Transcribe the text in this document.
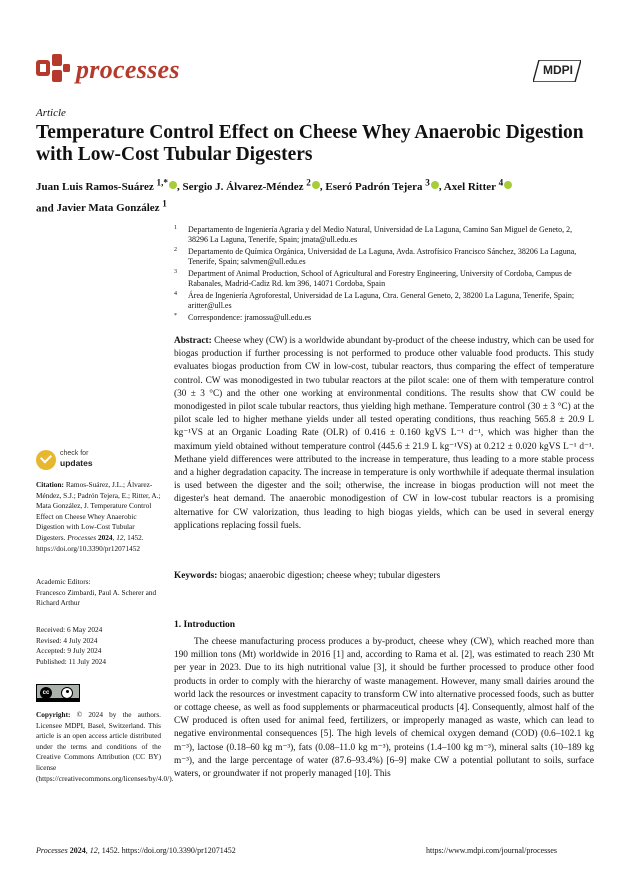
processes	MDPI
Article
Temperature Control Effect on Cheese Whey Anaerobic Digestion with Low-Cost Tubular Digesters
Juan Luis Ramos-Suárez $^{1,*}$ , Sergio J. Álvarez-Méndez $^2$ , Eseró Padrón Tejera $^3$ , Axel Ritter $^4$
and Javier Mata González $^1$
1 Departamento de Ingeniería Agraria y del Medio Natural, Universidad de La Laguna, Camino San Miguel de Geneto, 2, 38296 La Laguna, Tenerife, Spain; jmata@ull.edu.es
2 Departamento de Química Orgánica, Universidad de La Laguna, Avda. Astrofísico Francisco Sánchez, 38206 La Laguna, Tenerife, Spain; salvmen@ull.edu.es
3 Department of Animal Production, School of Agricultural and Forestry Engineering, University of Cordoba, Campus de Rabanales, Madrid-Cadiz Rd. km 396, 14071 Cordoba, Spain
4 Área de Ingeniería Agroforestal, Universidad de La Laguna, Ctra. General Geneto, 2, 38200 La Laguna, Tenerife, Spain; aritter@ull.es
* Correspondence: jramossu@ull.edu.es
Abstract: Cheese whey (CW) is a worldwide abundant by-product of the cheese industry, which can be used for biogas production if further processing is not performed to produce other valuable food products. This study evaluates biogas production from CW in low-cost, tubular reactors, thus comparing the effect of temperature control. CW was monodigested in two tubular reactors at the pilot scale: one of them with temperature control (30 ± 3 °C) and the other one working at environmental conditions. The results show that CW could be monodigested in pilot scale tubular reactors, thus yielding high methane. Temperature control (30 ± 3 °C) at the pilot scale led to higher methane yields under all tested operating conditions, thus reaching 565.8 ± 20.9 L kg⁻¹VS at an Organic Loading Rate (OLR) of 0.416 ± 0.160 kgVS L⁻¹ d⁻¹, which was higher than the maximum yield obtained without temperature control (445.6 ± 21.9 L kg⁻¹VS) at 0.212 ± 0.020 kgVS L⁻¹ d⁻¹. Methane yield differences were attributed to the increase in temperature, thus leading to a more stable process and a higher degradation capacity. The increase in temperature is only worthwhile if adequate thermal insulation is used between the digester and the soil; otherwise, the increase in biogas production will not meet the digester's heat demand. The anaerobic monodigestion of CW in low-cost tubular reactors is a promising alternative for CW valorization, thus leading to high biogas yields, which can be used in several energy applications replacing fossil fuels.
Keywords: biogas; anaerobic digestion; cheese whey; tubular digesters
1. Introduction

The cheese manufacturing process produces a by-product, cheese whey (CW), which reached more than 190 million tons (Mt) worldwide in 2016 [1] and, according to Rama et al. [2], was estimated to reach 230 Mt per year in 2023. Due to its high nutritional value [3], it should be further processed to produce other food products in order to comply with the hierarchy of waste management. However, many small dairies around the world lack the resources or investment capacity to transform CW into alternative processed foods, such as butter or cottage cheese, as well as food supplements or pharmaceutical products [4]. Consequently, almost half of the CW produced is often used for animal feed, fertilizers, or improperly managed as waste, which can lead to negative environmental consequences [5]. The high levels of chemical oxygen demand (COD) (0.6–102.1 kg m⁻³), lactose (0.18–60 kg m⁻³), fats (0.08–11.0 kg m⁻³), proteins (1.4–100 kg m⁻³), mineral salts (10–189 kg m⁻³), and the large percentage of water (87.6–93.4%) [6–9] make CW a potential pollutant to soils, surface waters, or groundwater if not properly managed [10]. This

check for
updates
Citation: Ramos-Suárez, J.L.; Álvarez-Méndez, S.J.; Padrón Tejera, E.; Ritter, A.; Mata González, J. Temperature Control Effect on Cheese Whey Anaerobic Digestion with Low-Cost Tubular Digesters. Processes 2024, 12, 1452. https://doi.org/10.3390/pr12071452
Academic Editors:
Francesco Zimbardi, Paul A. Scherer and Richard Arthur
Received: 6 May 2024
Revised: 4 July 2024
Accepted: 9 July 2024
Published: 11 July 2024
cc
Copyright: © 2024 by the authors. Licensee MDPI, Basel, Switzerland. This article is an open access article distributed under the terms and conditions of the Creative Commons Attribution (CC BY) license (https://creativecommons.org/licenses/by/4.0/).
Processes 2024, 12, 1452. https://doi.org/10.3390/pr12071452	https://www.mdpi.com/journal/processes
